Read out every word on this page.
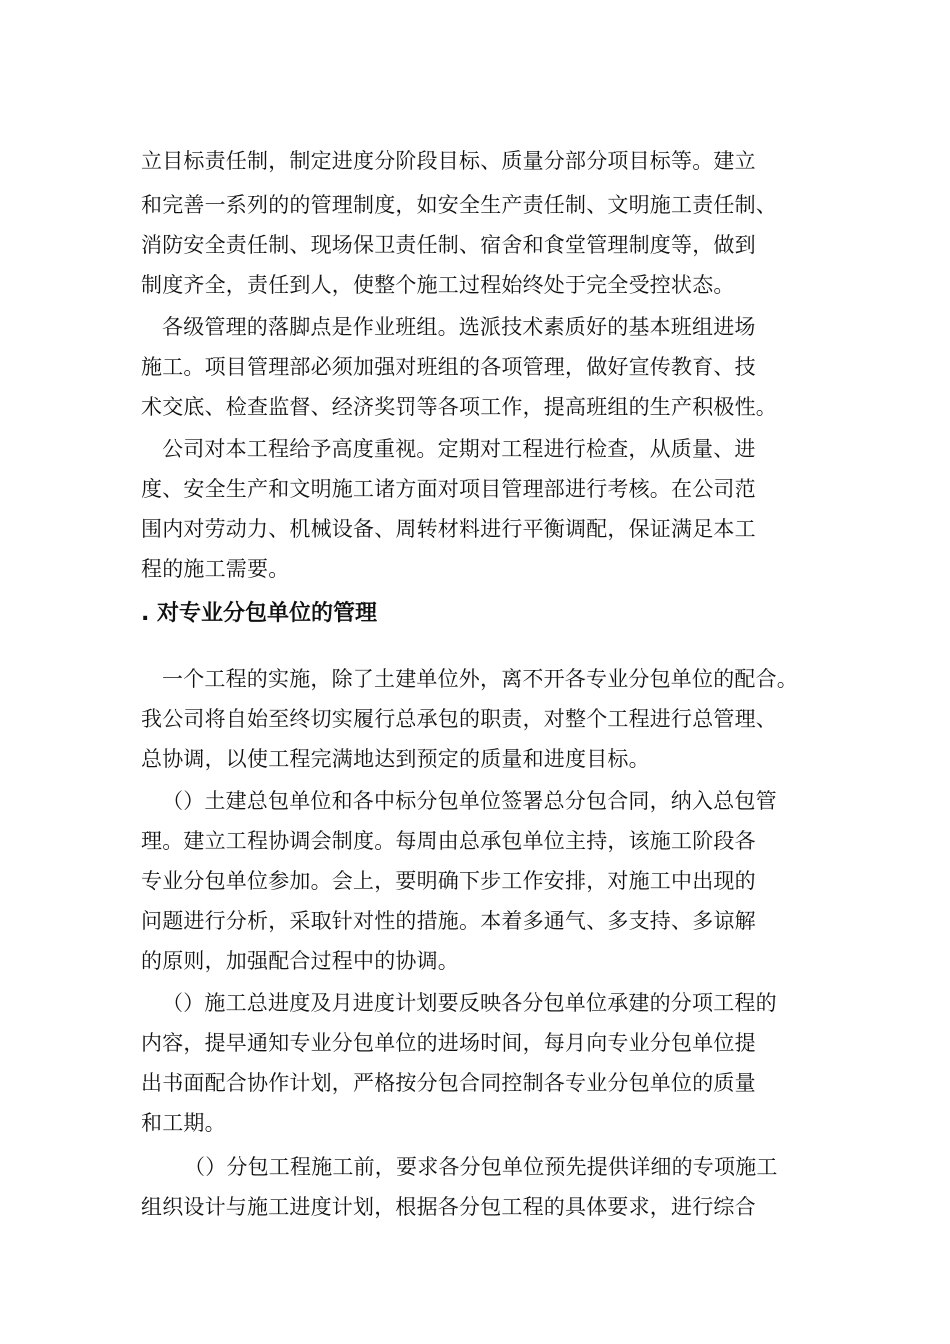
立目标责任制，制定进度分阶段目标、质量分部分项目标等。建立
和完善一系列的的管理制度，如安全生产责任制、文明施工责任制、
消防安全责任制、现场保卫责任制、宿舍和食堂管理制度等，做到
制度齐全，责任到人，使整个施工过程始终处于完全受控状态。
各级管理的落脚点是作业班组。选派技术素质好的基本班组进场
施工。项目管理部必须加强对班组的各项管理，做好宣传教育、技
术交底、检查监督、经济奖罚等各项工作，提高班组的生产积极性。
公司对本工程给予高度重视。定期对工程进行检查，从质量、进
度、安全生产和文明施工诸方面对项目管理部进行考核。在公司范
围内对劳动力、机械设备、周转材料进行平衡调配，保证满足本工
程的施工需要。
. 对专业分包单位的管理
一个工程的实施，除了土建单位外，离不开各专业分包单位的配合。
我公司将自始至终切实履行总承包的职责，对整个工程进行总管理、
总协调，以使工程完满地达到预定的质量和进度目标。
（）土建总包单位和各中标分包单位签署总分包合同，纳入总包管
理。建立工程协调会制度。每周由总承包单位主持，该施工阶段各
专业分包单位参加。会上，要明确下步工作安排，对施工中出现的
问题进行分析，采取针对性的措施。本着多通气、多支持、多谅解
的原则，加强配合过程中的协调。
（）施工总进度及月进度计划要反映各分包单位承建的分项工程的
内容，提早通知专业分包单位的进场时间，每月向专业分包单位提
出书面配合协作计划，严格按分包合同控制各专业分包单位的质量
和工期。
（）分包工程施工前，要求各分包单位预先提供详细的专项施工
组织设计与施工进度计划，根据各分包工程的具体要求，进行综合
